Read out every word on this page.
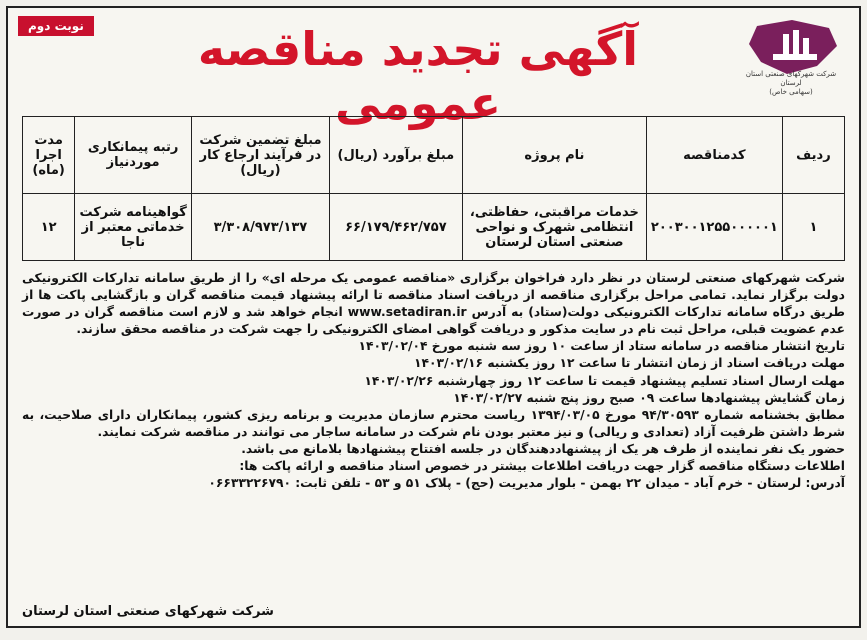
نوبت دوم	آگهی تجدید مناقصه عمومی
شرکت شهرکهای صنعتی استان لرستان
(سهامی خاص)
ردیف	کدمناقصه	نام پروژه	مبلغ برآورد (ریال)	مبلغ تضمین شرکت در فرآیند ارجاع کار (ریال)	رتبه پیمانکاری موردنیاز	مدت اجرا (ماه)
۱	۲۰۰۳۰۰۱۲۵۵۰۰۰۰۰۱	خدمات مراقبتی، حفاظتی، انتظامی شهرک و نواحی صنعتی استان لرستان	۶۶/۱۷۹/۴۶۲/۷۵۷	۳/۳۰۸/۹۷۳/۱۳۷	گواهینامه شرکت خدماتی معتبر از ناجا	۱۲

شرکت شهرکهای صنعتی لرستان در نظر دارد فراخوان برگزاری «مناقصه عمومی یک مرحله ای» را از طریق سامانه تدارکات الکترونیکی دولت برگزار نماید. تمامی مراحل برگزاری مناقصه از دریافت اسناد مناقصه تا ارائه پیشنهاد قیمت مناقصه گران و بازگشایی پاکت ها از طریق درگاه سامانه تدارکات الکترونیکی دولت(ستاد) به آدرس www.setadiran.ir انجام خواهد شد و لازم است مناقصه گران در صورت عدم عضویت قبلی، مراحل ثبت نام در سایت مذکور و دریافت گواهی امضای الکترونیکی را جهت شرکت در مناقصه محقق سازند.

تاریخ انتشار مناقصه در سامانه ستاد از ساعت ۱۰ روز سه شنبه مورخ ۱۴۰۳/۰۲/۰۴

مهلت دریافت اسناد از زمان انتشار تا ساعت ۱۲ روز یکشنبه ۱۴۰۳/۰۲/۱۶

مهلت ارسال اسناد تسلیم پیشنهاد قیمت تا ساعت ۱۲ روز چهارشنبه ۱۴۰۳/۰۲/۲۶

زمان گشایش پیشنهادها ساعت ۰۹ صبح روز پنج شنبه ۱۴۰۳/۰۲/۲۷

مطابق بخشنامه شماره ۹۴/۳۰۵۹۳ مورخ ۱۳۹۴/۰۳/۰۵ ریاست محترم سازمان مدیریت و برنامه ریزی کشور، پیمانکاران دارای صلاحیت، به شرط داشتن ظرفیت آزاد (تعدادی و ریالی) و نیز معتبر بودن نام شرکت در سامانه ساجار می توانند در مناقصه شرکت نمایند.

حضور یک نفر نماینده از طرف هر یک از پیشنهاددهندگان در جلسه افتتاح پیشنهادها بلامانع می باشد.

اطلاعات دستگاه مناقصه گزار جهت دریافت اطلاعات بیشتر در خصوص اسناد مناقصه و ارائه پاکت ها:

آدرس: لرستان - خرم آباد - میدان ۲۲ بهمن - بلوار مدیریت (حج) - پلاک ۵۱ و ۵۳ - تلفن ثابت: ۰۶۶۳۳۲۲۶۷۹۰

شرکت شهرکهای صنعتی استان لرستان
